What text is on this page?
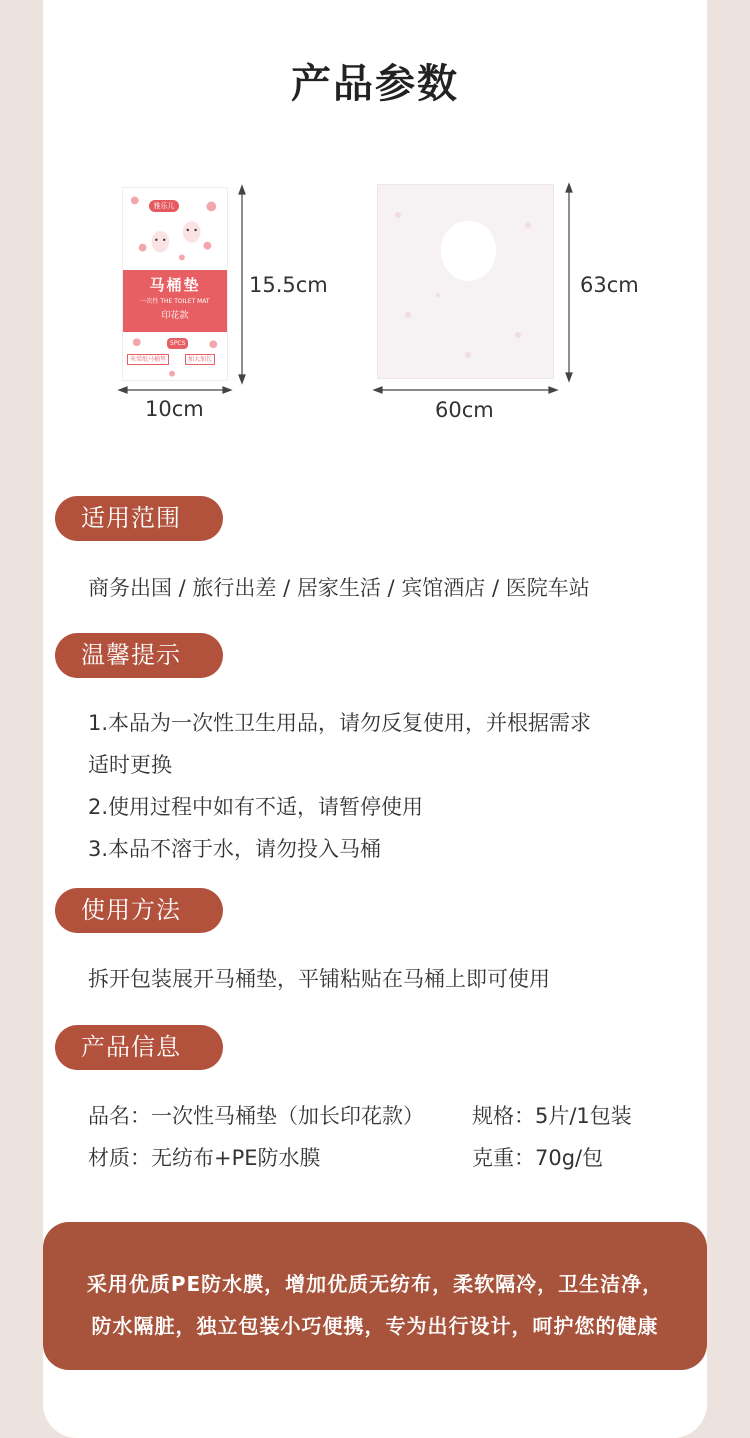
产品参数
雅乐儿
马桶垫
一次性 THE TOILET MAT
印花款
5PCS
米棠纸马桶垫	加大加长
15.5cm
10cm
63cm
60cm
适用范围
商务出国 / 旅行出差 / 居家生活 / 宾馆酒店 / 医院车站
温馨提示
1.本品为一次性卫生用品，请勿反复使用，并根据需求
适时更换
2.使用过程中如有不适，请暂停使用
3.本品不溶于水，请勿投入马桶
使用方法
拆开包装展开马桶垫，平铺粘贴在马桶上即可使用
产品信息
品名：一次性马桶垫（加长印花款） 规格：5片/1包装
材质：无纺布+PE防水膜	克重：70g/包
采用优质PE防水膜，增加优质无纺布，柔软隔冷，卫生洁净，
防水隔脏，独立包装小巧便携，专为出行设计，呵护您的健康
